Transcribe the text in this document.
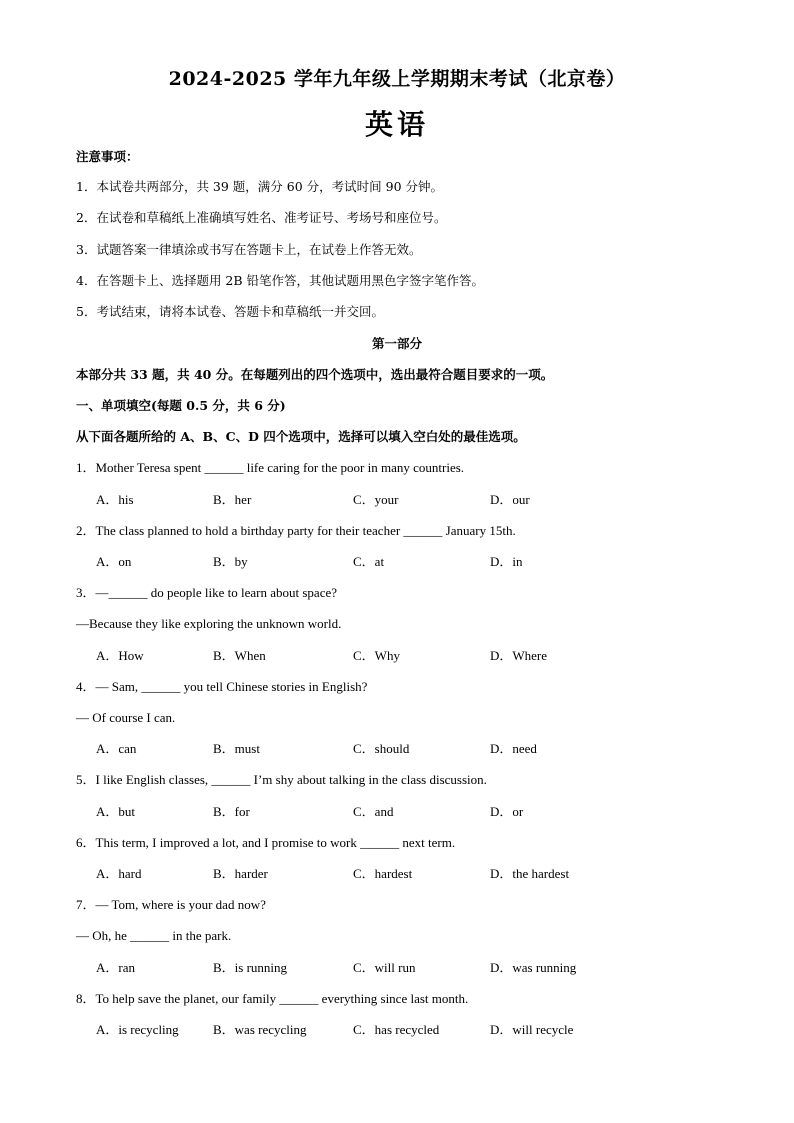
2024-2025 学年九年级上学期期末考试（北京卷）
英语
注意事项：
1．本试卷共两部分，共 39 题，满分 60 分，考试时间 90 分钟。
2．在试卷和草稿纸上准确填写姓名、准考证号、考场号和座位号。
3．试题答案一律填涂或书写在答题卡上，在试卷上作答无效。
4．在答题卡上、选择题用 2B 铅笔作答，其他试题用黑色字签字笔作答。
5．考试结束，请将本试卷、答题卡和草稿纸一并交回。
第一部分
本部分共 33 题，共 40 分。在每题列出的四个选项中，选出最符合题目要求的一项。
一、单项填空(每题 0.5 分，共 6 分)
从下面各题所给的 A、B、C、D 四个选项中，选择可以填入空白处的最佳选项。
1．Mother Teresa spent ______ life caring for the poor in many countries.
A．his	B．her	C．your	D．our
2．The class planned to hold a birthday party for their teacher ______ January 15th.
A．on	B．by	C．at	D．in
3．—______ do people like to learn about space?
—Because they like exploring the unknown world.
A．How	B．When	C．Why	D．Where
4．— Sam, ______ you tell Chinese stories in English?
— Of course I can.
A．can	B．must	C．should	D．need
5．I like English classes, ______ I’m shy about talking in the class discussion.
A．but	B．for	C．and	D．or
6．This term, I improved a lot, and I promise to work ______ next term.
A．hard	B．harder	C．hardest	D．the hardest
7．— Tom, where is your dad now?
— Oh, he ______ in the park.
A．ran	B．is running	C．will run	D．was running
8．To help save the planet, our family ______ everything since last month.
A．is recycling	B．was recycling	C．has recycled	D．will recycle
